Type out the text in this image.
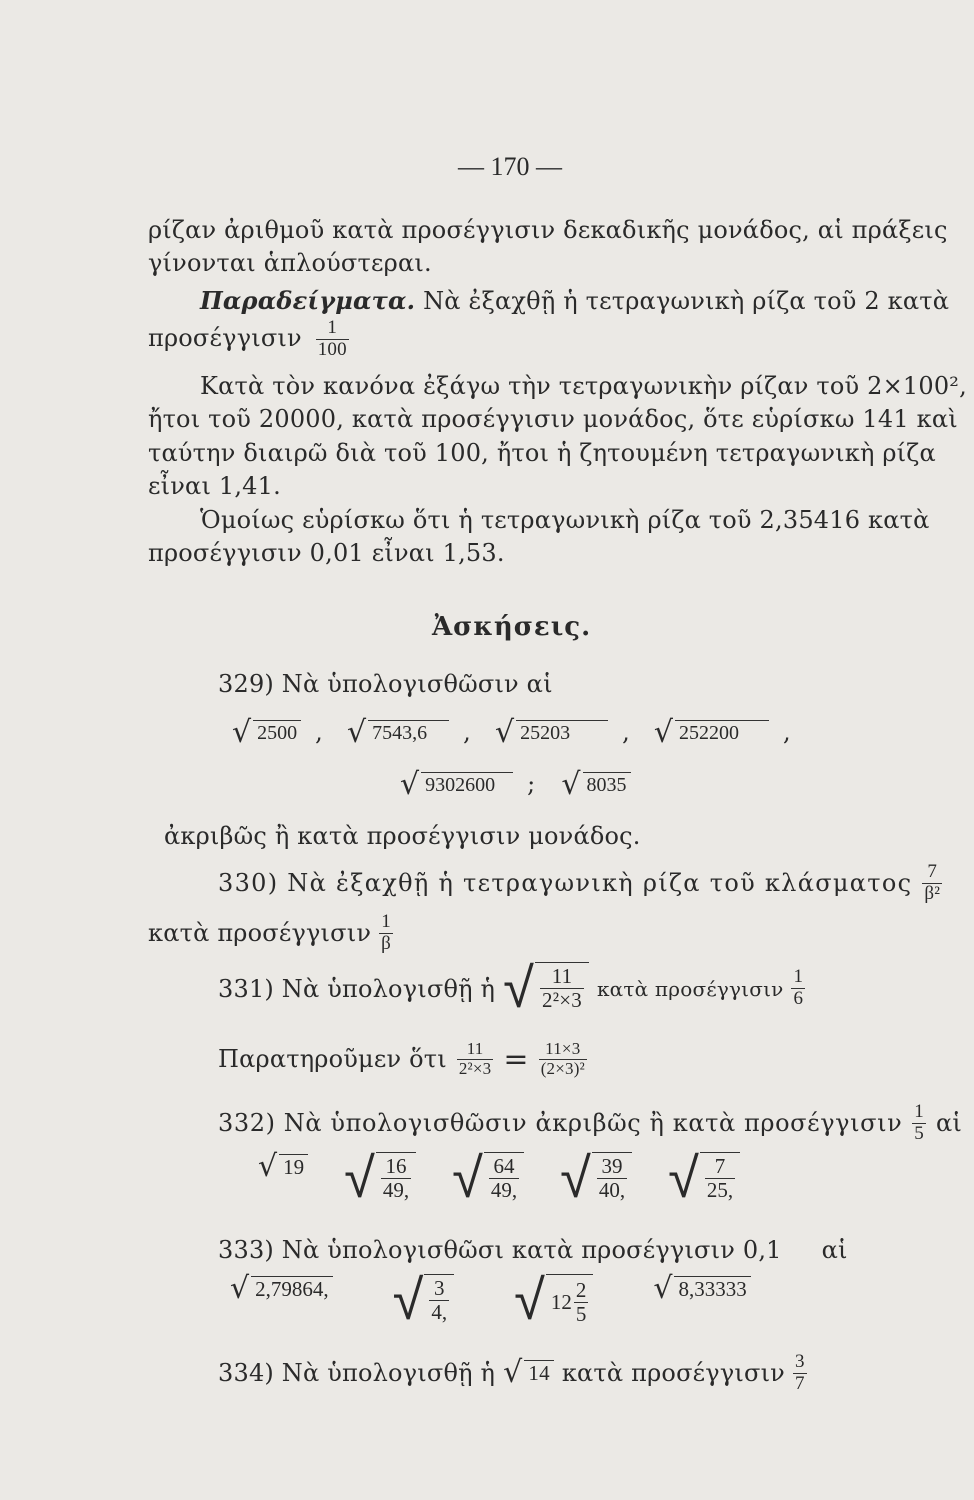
— 170 —
ρίζαν ἀριθμοῦ κατὰ προσέγγισιν δεκαδικῆς μονάδος, αἱ πράξεις
γίνονται ἁπλούστεραι.
Παραδείγματα. Νὰ ἐξαχθῇ ἡ τετραγωνικὴ ρίζα τοῦ 2 κατὰ
προσέγγισιν $\frac{1}{100}$
Κατὰ τὸν κανόνα ἐξάγω τὴν τετραγωνικὴν ρίζαν τοῦ 2×100²,
ἤτοι τοῦ 20000, κατὰ προσέγγισιν μονάδος, ὅτε εὑρίσκω 141 καὶ
ταύτην διαιρῶ διὰ τοῦ 100, ἤτοι ἡ ζητουμένη τετραγωνικὴ ρίζα
εἶναι 1,41.
Ὁμοίως εὑρίσκω ὅτι ἡ τετραγωνικὴ ρίζα τοῦ 2,35416 κατὰ
προσέγγισιν 0,01 εἶναι 1,53.
Ἀσκήσεις.
329) Νὰ ὑπολογισθῶσιν αἱ
√ 2500 , √ 7543,6	, √ 25203	, √ 252200	,
√ 9302600	; √ 8035
ἀκριβῶς ἢ κατὰ προσέγγισιν μονάδος.
330) Νὰ ἐξαχθῇ ἡ τετραγωνικὴ ρίζα τοῦ κλάσματος $\frac{7}{\text{β²}}$
κατὰ προσέγγισιν $\frac{1}{\beta}$
331) Νὰ ὑπολογισθῇ ἡ √ $\frac{11}{\text{2²×3}}$ κατὰ προσέγγισιν $\frac{1}{6}$
Παρατηροῦμεν ὅτι $\frac{11}{\text{2²×3}} = \frac{11\times 3}{\text{(2×3)²}}$
332) Νὰ ὑπολογισθῶσιν ἀκριβῶς ἢ κατὰ προσέγγισιν $\frac{1}{5}$ αἱ
√ 19 √ $\frac{16}{49,}$ √ $\frac{64}{49,}$ √ $\frac{39}{40,}$ √ $\frac{7}{25,}$
333) Νὰ ὑπολογισθῶσι κατὰ προσέγγισιν 0,1 αἱ
√ 2,79864, √ $\frac{3}{4,}$ √ $12 \frac{2}{5}$ √ 8,33333
334) Νὰ ὑπολογισθῇ ἡ √ 14 κατὰ προσέγγισιν $\frac{3}{7}$
